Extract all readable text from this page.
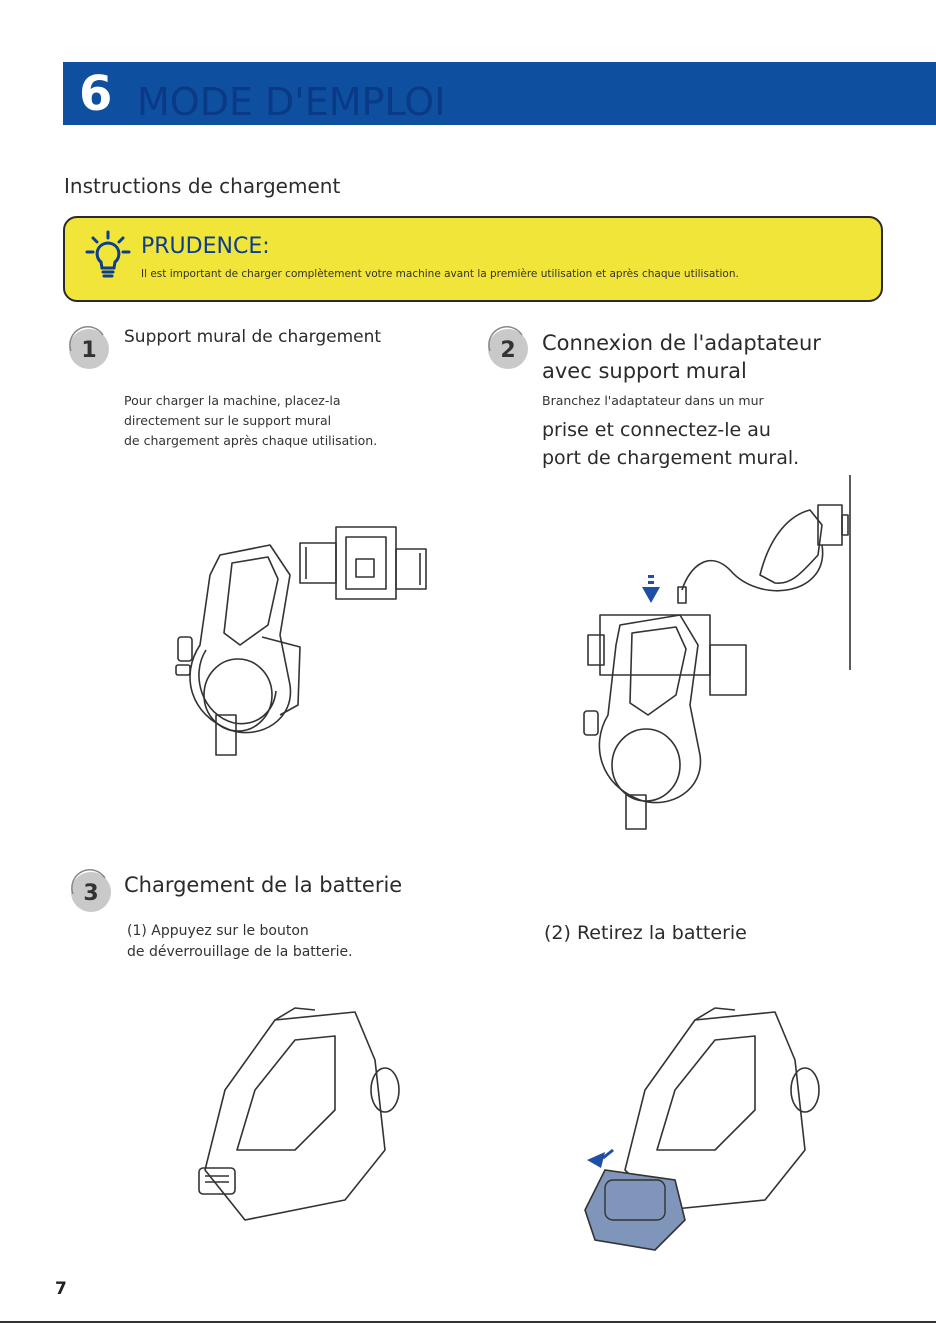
6 MODE D'EMPLOI
Instructions de chargement
PRUDENCE:
Il est important de charger complètement votre machine avant la première utilisation et après chaque utilisation.
1
Support mural de chargement
Pour charger la machine, placez-la
directement sur le support mural
de chargement après chaque utilisation.
2 Connexion de l'adaptateur
avec support mural
Branchez l'adaptateur dans un mur
prise et connectez-le au
port de chargement mural.
3 Chargement de la batterie
(1) Appuyez sur le bouton
de déverrouillage de la batterie.
(2) Retirez la batterie
7
